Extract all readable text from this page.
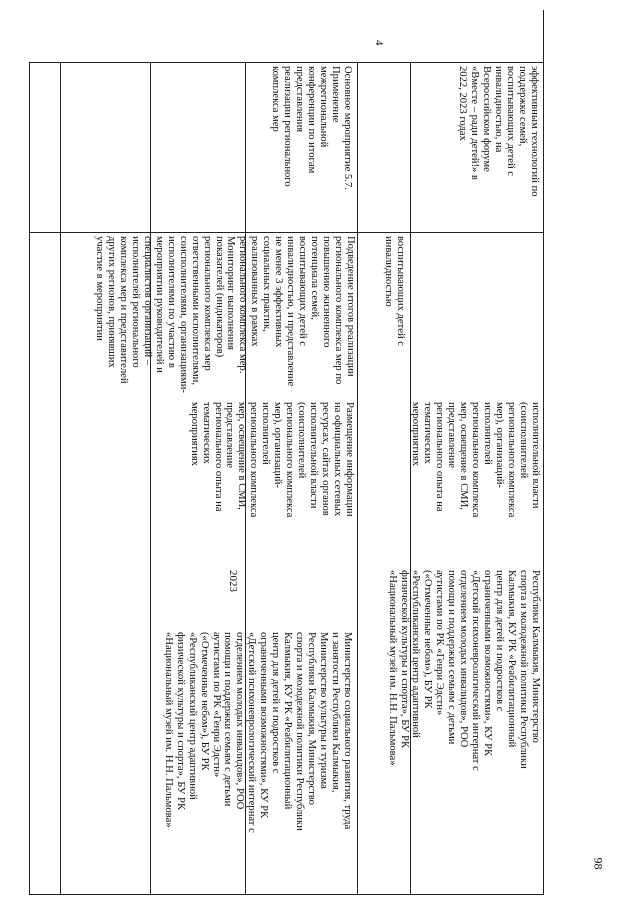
эффективным технологий по
поддержке семей,
воспитывающих детей с
инвалидностью, на
Всероссийском форуме
«Вместе – ради детей!» в
2022, 2023 годах
воспитывающих детей с
инвалидностью
исполнительной власти
(соисполнителей
регионального комплекса
мер), организаций-
исполнителей
регионального комплекса
мер, освещение в СМИ,
представление
регионального опыта на
тематических
мероприятиях
Республики Калмыкия, Министерство
спорта и молодежной политики Республики
Калмыкия, КУ РК «Реабилитационный
центр для детей и подростков с
ограниченными возможностями», КУ РК
«Детский психоневрологический интернат с
отделением молодых инвалидов», РОО
помощи и поддержки семьям с детьми
аутистами по РК «Генри Эдстн»
(«Отмеченные небом»), БУ РК
«Республиканский центр адаптивной
физической культуры и спорта», БУ РК
«Национальный музей им. Н.Н. Пальмова»
Основное мероприятие 5.7.
Применение
межрегиональной
конференции по итогам
представления
реализации регионального
комплекса мер
Подведение итогов реализации
регионального комплекса мер по
повышению жизненного
потенциала семей,
воспитывающих детей с
инвалидностью, и представление
не менее 3 эффективных
социальных практик,
реализованных в рамках
регионального комплекса мер.
Мониторинг выполнения
показателей (индикаторов)
регионального комплекса мер
ответственными исполнителями,
соисполнителями, организациями-
исполнителями по участию в
мероприятии руководителей и
специалистов организаций –
исполнителей регионального
комплекса мер и представителей
других регионов, принявших
участие в мероприятии
Размещение информации
на официальных сетевых
ресурсах, сайтах органов
исполнительной власти
(соисполнителей
регионального комплекса
мер), организаций-
исполнителей
регионального комплекса
мер, освещение в СМИ,
представление
регионального опыта на
тематических
мероприятиях
2023
Министерство социального развития, труда
и занятости Республики Калмыкия,
Министерство культуры и туризма
Республики Калмыкия, Министерство
спорта и молодежной политики Республики
Калмыкия, КУ РК «Реабилитационный
центр для детей и подростков с
ограниченными возможностями», КУ РК
«Детский психоневрологический интернат с
отделением молодых инвалидов», РОО
помощи и поддержки семьям с детьми
аутистами по РК «Генри Эдстн»
(«Отмеченные небом»), БУ РК
«Республиканский центр адаптивной
физической культуры и спорта», БУ РК
«Национальный музей им. Н.Н. Пальмова»
4
98
